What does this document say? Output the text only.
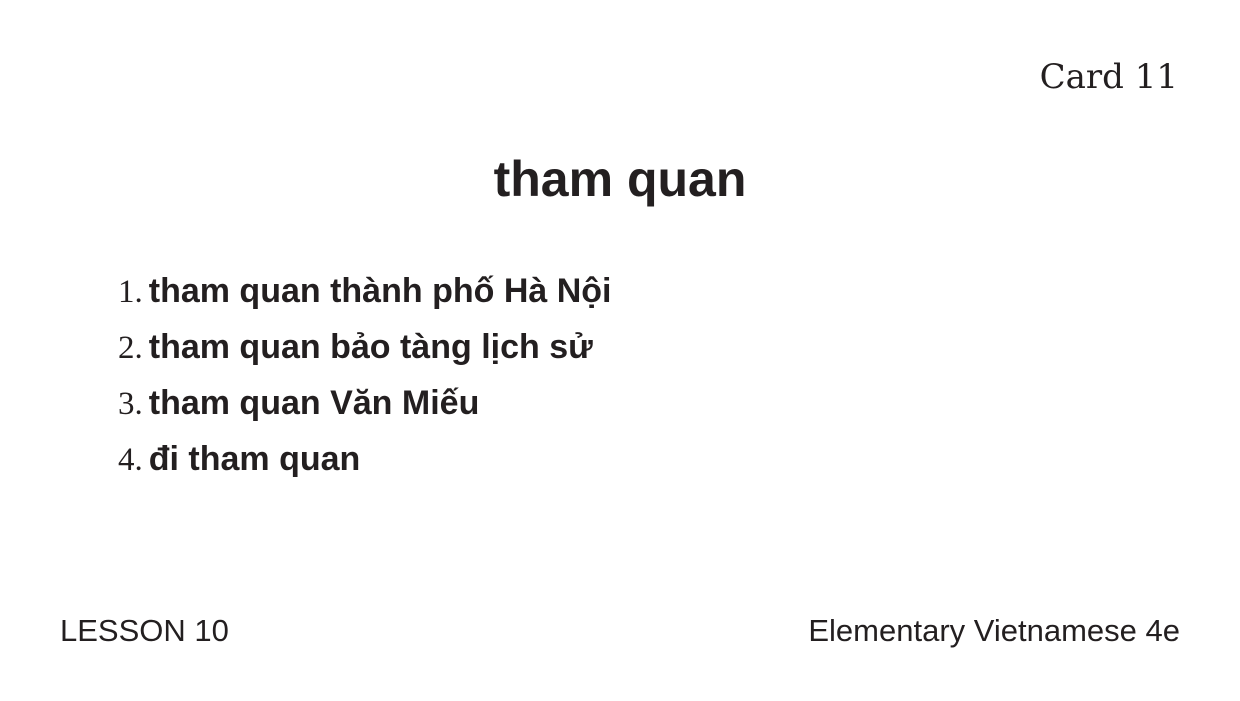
Card 11
tham quan
1. tham quan thành phố Hà Nội
2. tham quan bảo tàng lịch sử
3. tham quan Văn Miếu
4. đi tham quan
LESSON 10	Elementary Vietnamese 4e
